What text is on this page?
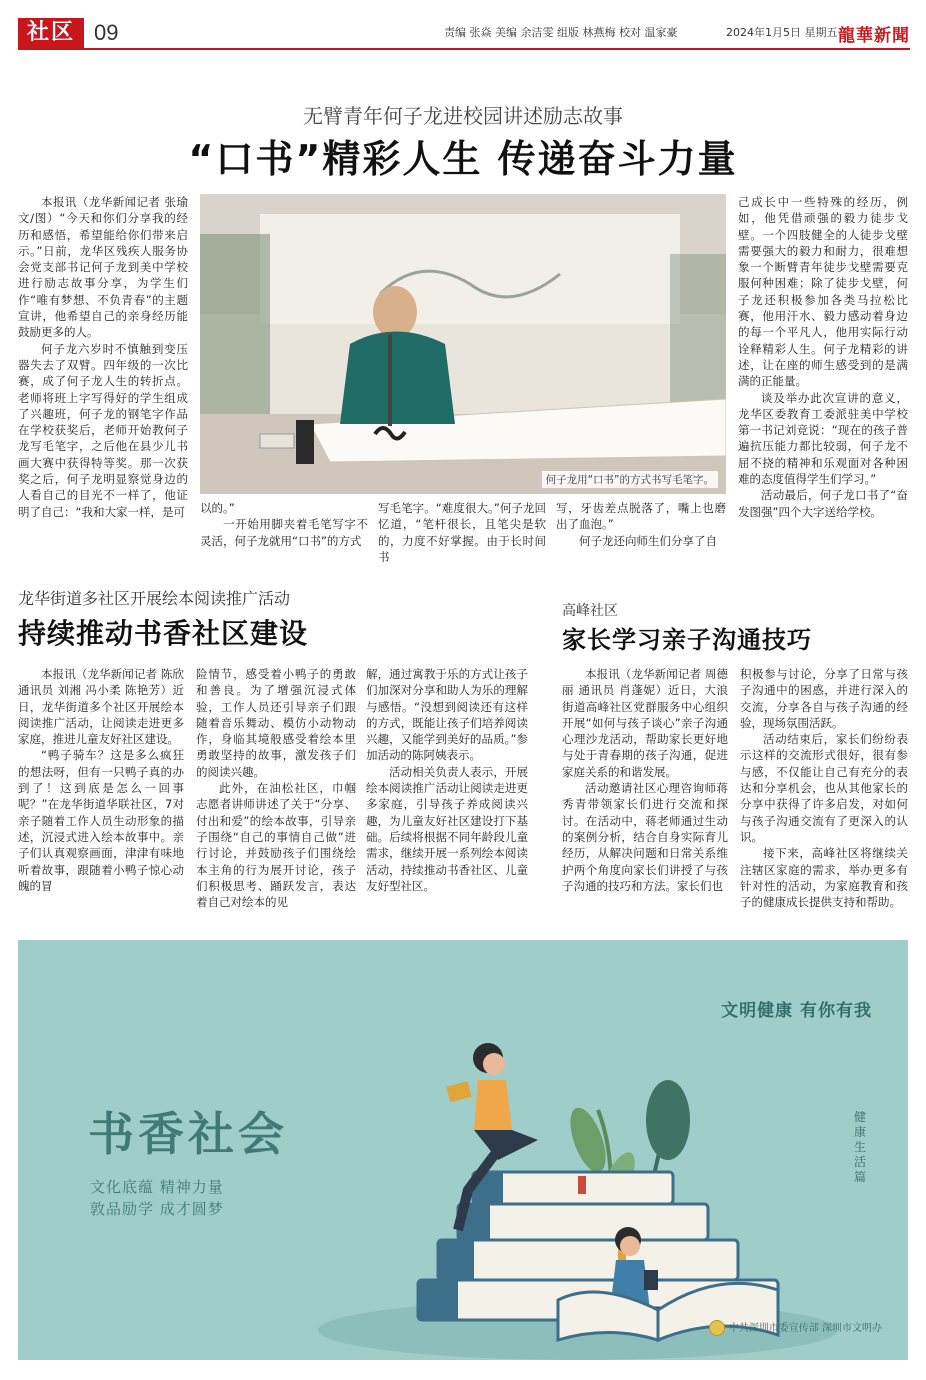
社区 09	责编 张焱 美编 余洁雯 组版 林燕梅 校对 温家豪	2024年1月5日 星期五 龍華新聞
无臂青年何子龙进校园讲述励志故事
“口书”精彩人生 传递奋斗力量

本报讯（龙华新闻记者 张瑜 文/图）“今天和你们分享我的经历和感悟，希望能给你们带来启示。”日前，龙华区残疾人服务协会党支部书记何子龙到美中学校进行励志故事分享，为学生们作“唯有梦想、不负青春”的主题宣讲，他希望自己的亲身经历能鼓励更多的人。

何子龙六岁时不慎触到变压器失去了双臂。四年级的一次比赛，成了何子龙人生的转折点。老师将班上字写得好的学生组成了兴趣班，何子龙的钢笔字作品在学校获奖后，老师开始教何子龙写毛笔字，之后他在县少儿书画大赛中获得特等奖。那一次获奖之后，何子龙明显察觉身边的人看自己的目光不一样了，他证明了自己：“我和大家一样，是可

何子龙用“口书”的方式书写毛笔字。

以的。”

一开始用脚夹着毛笔写字不灵活，何子龙就用“口书”的方式

写毛笔字。“难度很大。”何子龙回忆道，“笔杆很长，且笔尖是软的，力度不好掌握。由于长时间书

写，牙齿差点脱落了，嘴上也磨出了血泡。”

何子龙还向师生们分享了自

己成长中一些特殊的经历，例如，他凭借顽强的毅力徒步戈壁。一个四肢健全的人徒步戈壁需要强大的毅力和耐力，很难想象一个断臂青年徒步戈壁需要克服何种困难；除了徒步戈壁，何子龙还积极参加各类马拉松比赛，他用汗水、毅力感动着身边的每一个平凡人，他用实际行动诠释精彩人生。何子龙精彩的讲述，让在座的师生感受到的是满满的正能量。

谈及举办此次宣讲的意义，龙华区委教育工委派驻美中学校第一书记刘竞说：“现在的孩子普遍抗压能力都比较弱，何子龙不屈不挠的精神和乐观面对各种困难的态度值得学生们学习。”

活动最后，何子龙口书了“奋发图强”四个大字送给学校。

龙华街道多社区开展绘本阅读推广活动
持续推动书香社区建设

本报讯（龙华新闻记者 陈欣 通讯员 刘湘 冯小柔 陈艳芳）近日，龙华街道多个社区开展绘本阅读推广活动，让阅读走进更多家庭，推进儿童友好社区建设。

“鸭子骑车？这是多么疯狂的想法呀，但有一只鸭子真的办到了！这到底是怎么一回事呢？”在龙华街道华联社区，7对亲子随着工作人员生动形象的描述，沉浸式进入绘本故事中。亲子们认真观察画面，津津有味地听着故事，跟随着小鸭子惊心动魄的冒

险情节，感受着小鸭子的勇敢和善良。为了增强沉浸式体验，工作人员还引导亲子们跟随着音乐舞动、模仿小动物动作，身临其境般感受着绘本里勇敢坚持的故事，激发孩子们的阅读兴趣。

此外，在油松社区，巾帼志愿者讲师讲述了关于“分享、付出和爱”的绘本故事，引导亲子围绕“自己的事情自己做”进行讨论，并鼓励孩子们围绕绘本主角的行为展开讨论，孩子们积极思考、踊跃发言，表达着自己对绘本的见

解，通过寓教于乐的方式让孩子们加深对分享和助人为乐的理解与感悟。“没想到阅读还有这样的方式，既能让孩子们培养阅读兴趣，又能学到美好的品质。”参加活动的陈阿姨表示。

活动相关负责人表示，开展绘本阅读推广活动让阅读走进更多家庭，引导孩子养成阅读兴趣，为儿童友好社区建设打下基础。后续将根据不同年龄段儿童需求，继续开展一系列绘本阅读活动，持续推动书香社区、儿童友好型社区。

高峰社区
家长学习亲子沟通技巧

本报讯（龙华新闻记者 周德丽 通讯员 肖蓬妮）近日，大浪街道高峰社区党群服务中心组织开展“如何与孩子谈心”亲子沟通心理沙龙活动，帮助家长更好地与处于青春期的孩子沟通，促进家庭关系的和谐发展。

活动邀请社区心理咨询师蒋秀青带领家长们进行交流和探讨。在活动中，蒋老师通过生动的案例分析，结合自身实际育儿经历，从解决问题和日常关系维护两个角度向家长们讲授了与孩子沟通的技巧和方法。家长们也

积极参与讨论，分享了日常与孩子沟通中的困惑，并进行深入的交流，分享各自与孩子沟通的经验，现场氛围活跃。

活动结束后，家长们纷纷表示这样的交流形式很好，很有参与感，不仅能让自己有充分的表达和分享机会，也从其他家长的分享中获得了许多启发，对如何与孩子沟通交流有了更深入的认识。

接下来，高峰社区将继续关注辖区家庭的需求，举办更多有针对性的活动，为家庭教育和孩子的健康成长提供支持和帮助。

文明健康 有你有我
书香社会
文化底蕴 精神力量
敦品励学 成才圆梦
健康生活篇
中共深圳市委宣传部 深圳市文明办
